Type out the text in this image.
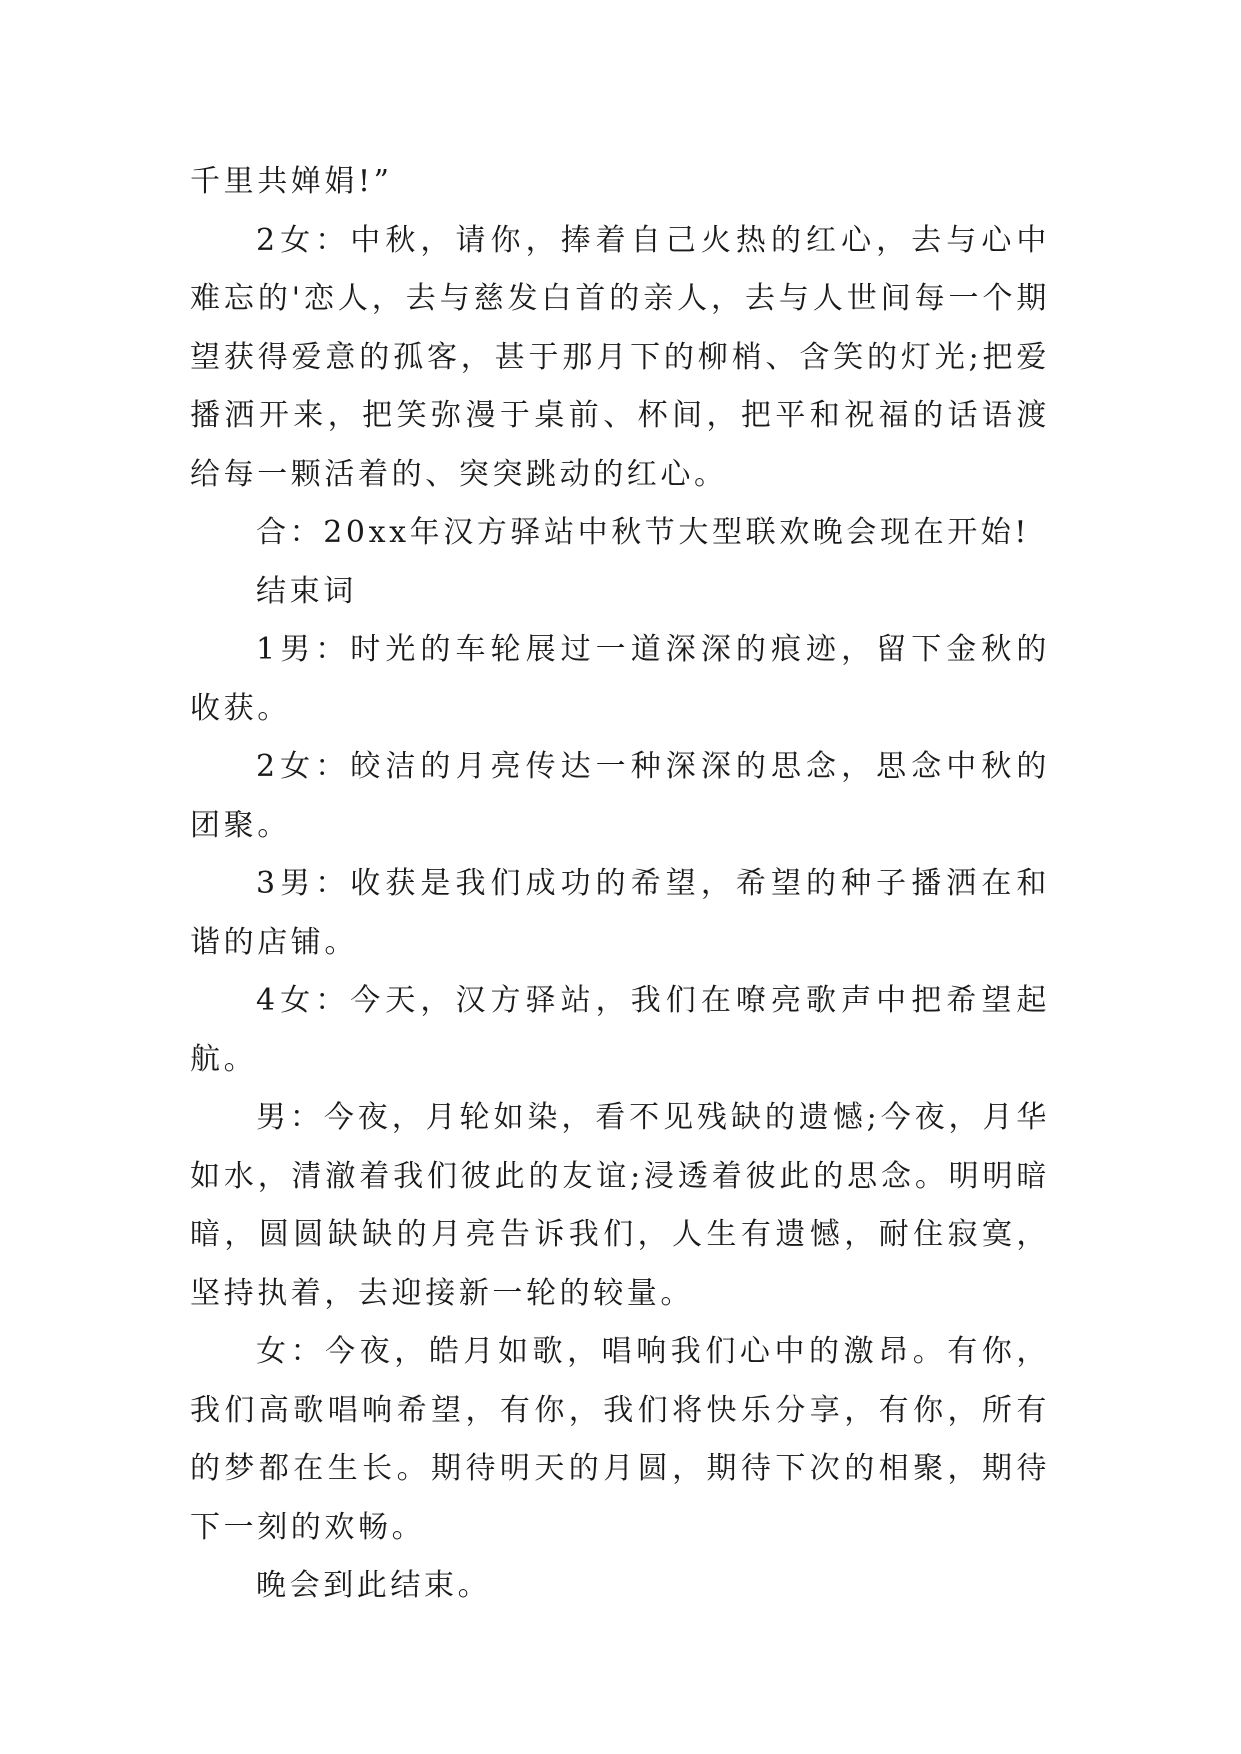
千里共婵娟!”

2女：中秋，请你，捧着自己火热的红心，去与心中难忘的'恋人，去与慈发白首的亲人，去与人世间每一个期望获得爱意的孤客，甚于那月下的柳梢、含笑的灯光;把爱播洒开来，把笑弥漫于桌前、杯间，把平和祝福的话语渡给每一颗活着的、突突跳动的红心。

合：20xx年汉方驿站中秋节大型联欢晚会现在开始!

结束词

1男：时光的车轮展过一道深深的痕迹，留下金秋的收获。

2女：皎洁的月亮传达一种深深的思念，思念中秋的团聚。

3男：收获是我们成功的希望，希望的种子播洒在和谐的店铺。

4女：今天，汉方驿站，我们在嘹亮歌声中把希望起航。

男：今夜，月轮如染，看不见残缺的遗憾;今夜，月华如水，清澈着我们彼此的友谊;浸透着彼此的思念。明明暗暗，圆圆缺缺的月亮告诉我们，人生有遗憾，耐住寂寞，坚持执着，去迎接新一轮的较量。

女：今夜，皓月如歌，唱响我们心中的激昂。有你，我们高歌唱响希望，有你，我们将快乐分享，有你，所有的梦都在生长。期待明天的月圆，期待下次的相聚，期待下一刻的欢畅。

晚会到此结束。
